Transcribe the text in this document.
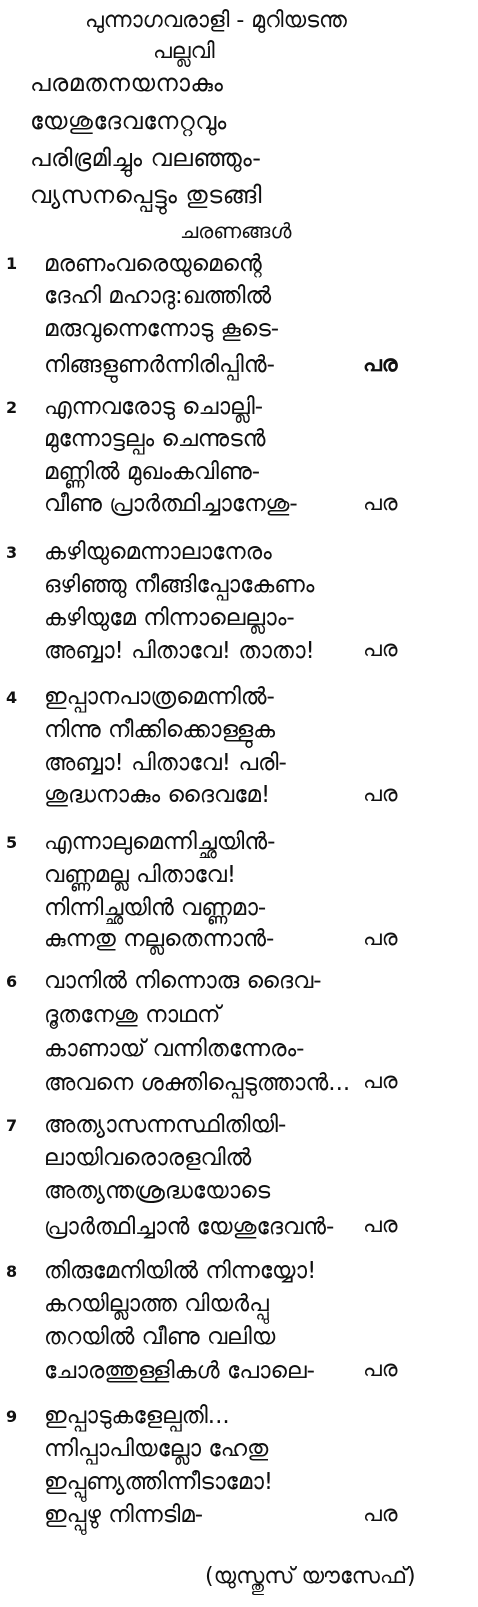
പുന്നാഗവരാളി - മുറിയടന്ത
പല്ലവി
പരമതനയനാകും
യേശുദേവനേറ്റവും
പരിഭ്രമിച്ചും വലഞ്ഞും-
വ്യസനപ്പെട്ടും തുടങ്ങി
ചരണങ്ങൾ
1 മരണംവരെയുമെന്റെ
ദേഹി മഹാദു:ഖത്തിൽ
മരുവുന്നെന്നോടു കൂടെ-
നിങ്ങളുണർന്നിരിപ്പിൻ-	പര
2 എന്നവരോടു ചൊല്ലി-
മുന്നോട്ടല്പം ചെന്നുടൻ
മണ്ണിൽ മുഖംകവിണു-
വീണു പ്രാർത്ഥിച്ചാനേശു-	പര
3 കഴിയുമെന്നാലാനേരം
ഒഴിഞ്ഞു നീങ്ങിപ്പോകേണം
കഴിയുമേ നിന്നാലെല്ലാം-
അബ്ബാ! പിതാവേ! താതാ! പര
4 ഇപ്പാനപാത്രമെന്നിൽ-
നിന്നു നീക്കിക്കൊള്ളുക
അബ്ബാ! പിതാവേ! പരി-
ശുദ്ധനാകും ദൈവമേ!	പര
5 എന്നാലുമെന്നിച്ഛയിൻ-
വണ്ണമല്ല പിതാവേ!
നിന്നിച്ഛയിൻ വണ്ണമാ-
കുന്നതു നല്ലതെന്നാൻ-	പര
6 വാനിൽ നിന്നൊരു ദൈവ-
ദൂതനേശു നാഥന്
കാണായ് വന്നിതന്നേരം-
അവനെ ശക്തിപ്പെടുത്താൻ... പര
7 അത്യാസന്നസ്ഥിതിയി-
ലായിവരൊരളവിൽ
അത്യന്തശ്രദ്ധയോടെ
പ്രാർത്ഥിച്ചാൻ യേശുദേവൻ- പര
8 തിരുമേനിയിൽ നിന്നയ്യോ!
കറയില്ലാത്ത വിയർപ്പു
തറയിൽ വീണു വലിയ
ചോരത്തുള്ളികൾ പോലെ- പര
9 ഇപ്പാടുകളേല്പതി...
ന്നിപ്പാപിയല്ലോ ഹേതു
ഇപ്പുണ്യത്തിന്നീടാമോ!
ഇപ്പുഴു നിന്നടിമ-	പര
(യുസ്തുസ് യൗസേഫ്)
